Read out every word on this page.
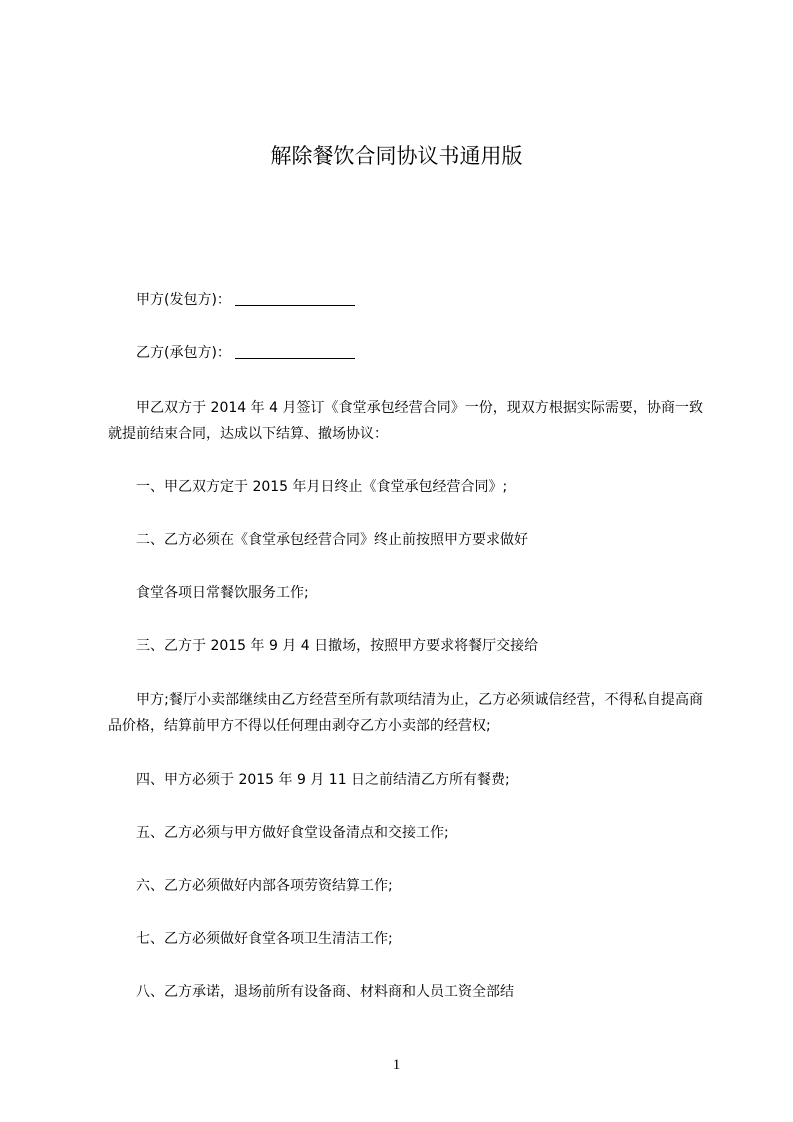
解除餐饮合同协议书通用版
甲方(发包方)：
乙方(承包方)：
甲乙双方于 2014 年 4 月签订《食堂承包经营合同》一份，现双方根据实际需要，协商一致就提前结束合同，达成以下结算、撤场协议：
一、甲乙双方定于 2015 年月日终止《食堂承包经营合同》;
二、乙方必须在《食堂承包经营合同》终止前按照甲方要求做好
食堂各项日常餐饮服务工作;
三、乙方于 2015 年 9 月 4 日撤场，按照甲方要求将餐厅交接给
甲方;餐厅小卖部继续由乙方经营至所有款项结清为止，乙方必须诚信经营，不得私自提高商品价格，结算前甲方不得以任何理由剥夺乙方小卖部的经营权;
四、甲方必须于 2015 年 9 月 11 日之前结清乙方所有餐费;
五、乙方必须与甲方做好食堂设备清点和交接工作;
六、乙方必须做好内部各项劳资结算工作;
七、乙方必须做好食堂各项卫生清洁工作;
八、乙方承诺，退场前所有设备商、材料商和人员工资全部结
1
